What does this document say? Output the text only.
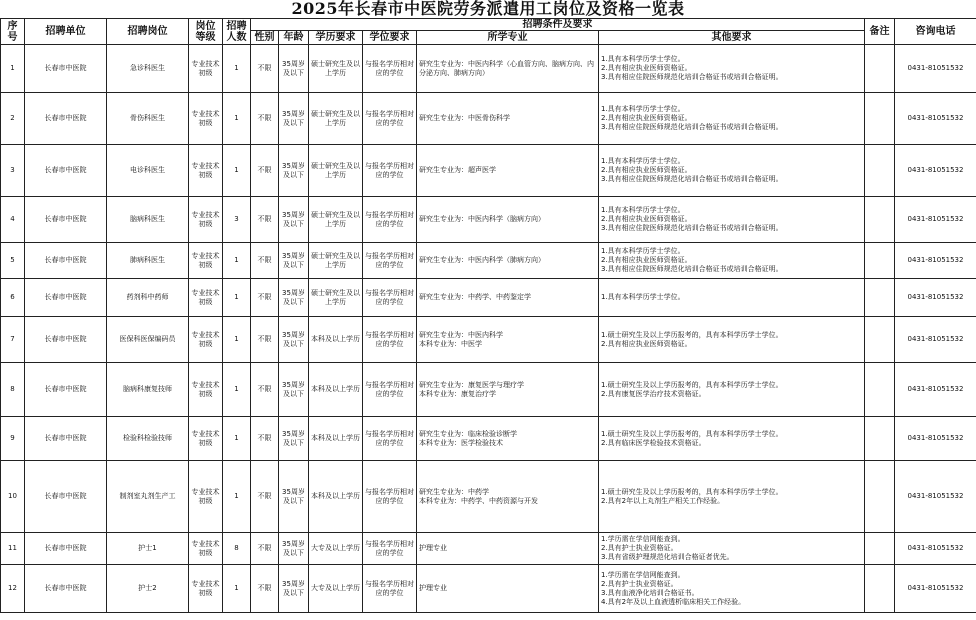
2025年长春市中医院劳务派遣用工岗位及资格一览表
序号	招聘单位	招聘岗位	岗位等级	招聘人数	招聘条件及要求						备注	咨询电话
					性别	年龄	学历要求	学位要求	所学专业	其他要求		
1	长春市中医院	急诊科医生	专业技术初级	1	不限	35周岁及以下	硕士研究生及以上学历	与报名学历相对应的学位	研究生专业为：中医内科学（心血管方向、脑病方向、内分泌方向、肺病方向）	1.具有本科学历学士学位。
2.具有相应执业医师资格证。
3.具有相应住院医师规范化培训合格证书或培训合格证明。		0431-81051532
2	长春市中医院	骨伤科医生	专业技术初级	1	不限	35周岁及以下	硕士研究生及以上学历	与报名学历相对应的学位	研究生专业为：中医骨伤科学	1.具有本科学历学士学位。
2.具有相应执业医师资格证。
3.具有相应住院医师规范化培训合格证书或培训合格证明。		0431-81051532
3	长春市中医院	电诊科医生	专业技术初级	1	不限	35周岁及以下	硕士研究生及以上学历	与报名学历相对应的学位	研究生专业为：超声医学	1.具有本科学历学士学位。
2.具有相应执业医师资格证。
3.具有相应住院医师规范化培训合格证书或培训合格证明。		0431-81051532
4	长春市中医院	脑病科医生	专业技术初级	3	不限	35周岁及以下	硕士研究生及以上学历	与报名学历相对应的学位	研究生专业为：中医内科学（脑病方向）	1.具有本科学历学士学位。
2.具有相应执业医师资格证。
3.具有相应住院医师规范化培训合格证书或培训合格证明。		0431-81051532
5	长春市中医院	肺病科医生	专业技术初级	1	不限	35周岁及以下	硕士研究生及以上学历	与报名学历相对应的学位	研究生专业为：中医内科学（肺病方向）	1.具有本科学历学士学位。
2.具有相应执业医师资格证。
3.具有相应住院医师规范化培训合格证书或培训合格证明。		0431-81051532
6	长春市中医院	药剂科中药师	专业技术初级	1	不限	35周岁及以下	硕士研究生及以上学历	与报名学历相对应的学位	研究生专业为：中药学、中药鉴定学	1.具有本科学历学士学位。		0431-81051532
7	长春市中医院	医保科医保编码员	专业技术初级	1	不限	35周岁及以下	本科及以上学历	与报名学历相对应的学位	研究生专业为：中医内科学
本科专业为：中医学	1.硕士研究生及以上学历报考的，具有本科学历学士学位。
2.具有相应执业医师资格证。		0431-81051532
8	长春市中医院	脑病科康复技师	专业技术初级	1	不限	35周岁及以下	本科及以上学历	与报名学历相对应的学位	研究生专业为：康复医学与理疗学
本科专业为：康复治疗学	1.硕士研究生及以上学历报考的，具有本科学历学士学位。
2.具有康复医学治疗技术资格证。		0431-81051532
9	长春市中医院	检验科检验技师	专业技术初级	1	不限	35周岁及以下	本科及以上学历	与报名学历相对应的学位	研究生专业为：临床检验诊断学
本科专业为：医学检验技术	1.硕士研究生及以上学历报考的，具有本科学历学士学位。
2.具有临床医学检验技术资格证。		0431-81051532
10	长春市中医院	制剂室丸剂生产工	专业技术初级	1	不限	35周岁及以下	本科及以上学历	与报名学历相对应的学位	研究生专业为：中药学
本科专业为：中药学、中药资源与开发	1.硕士研究生及以上学历报考的，具有本科学历学士学位。
2.具有2年以上丸剂生产相关工作经验。		0431-81051532
11	长春市中医院	护士1	专业技术初级	8	不限	35周岁及以下	大专及以上学历	与报名学历相对应的学位	护理专业	1.学历需在学信网能查到。
2.具有护士执业资格证。
3.具有省级护理规范化培训合格证者优先。		0431-81051532
12	长春市中医院	护士2	专业技术初级	1	不限	35周岁及以下	大专及以上学历	与报名学历相对应的学位	护理专业	1.学历需在学信网能查到。
2.具有护士执业资格证。
3.具有血液净化培训合格证书。
4.具有2年及以上血液透析临床相关工作经验。		0431-81051532
